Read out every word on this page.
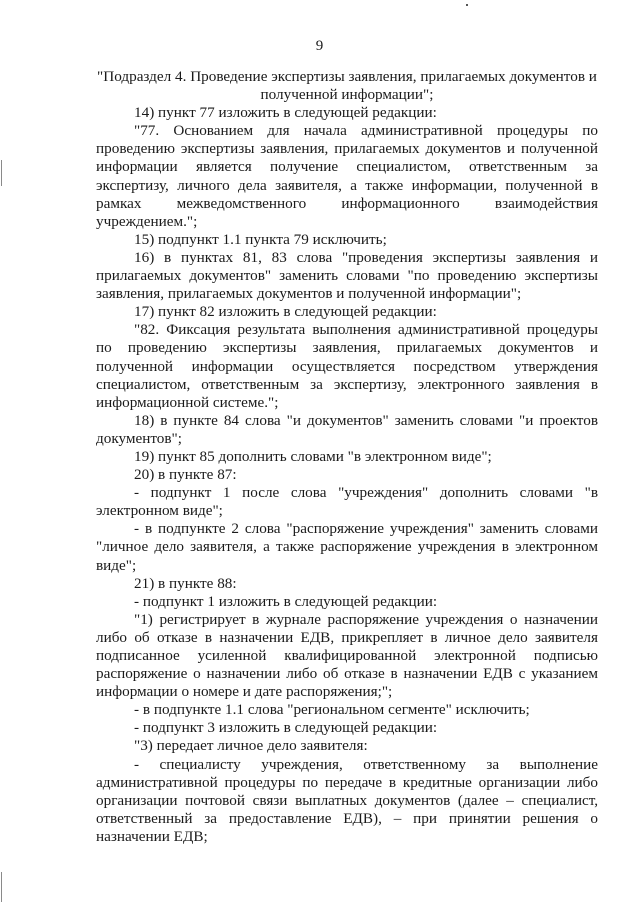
9

"Подраздел 4. Проведение экспертизы заявления, прилагаемых документов и полученной информации";

14) пункт 77 изложить в следующей редакции:

"77. Основанием для начала административной процедуры по проведению экспертизы заявления, прилагаемых документов и полученной информации является получение специалистом, ответственным за экспертизу, личного дела заявителя, а также информации, полученной в рамках межведомственного информационного взаимодействия учреждением.";

15) подпункт 1.1 пункта 79 исключить;

16) в пунктах 81, 83 слова "проведения экспертизы заявления и прилагаемых документов" заменить словами "по проведению экспертизы заявления, прилагаемых документов и полученной информации";

17) пункт 82 изложить в следующей редакции:

"82. Фиксация результата выполнения административной процедуры по проведению экспертизы заявления, прилагаемых документов и полученной информации осуществляется посредством утверждения специалистом, ответственным за экспертизу, электронного заявления в информационной системе.";

18) в пункте 84 слова "и документов" заменить словами "и проектов документов";

19) пункт 85 дополнить словами "в электронном виде";

20) в пункте 87:

- подпункт 1 после слова "учреждения" дополнить словами "в электронном виде";

- в подпункте 2 слова "распоряжение учреждения" заменить словами "личное дело заявителя, а также распоряжение учреждения в электронном виде";

21) в пункте 88:

- подпункт 1 изложить в следующей редакции:

"1) регистрирует в журнале распоряжение учреждения о назначении либо об отказе в назначении ЕДВ, прикрепляет в личное дело заявителя подписанное усиленной квалифицированной электронной подписью распоряжение о назначении либо об отказе в назначении ЕДВ с указанием информации о номере и дате распоряжения;";

- в подпункте 1.1 слова "региональном сегменте" исключить;

- подпункт 3 изложить в следующей редакции:

"3) передает личное дело заявителя:

- специалисту учреждения, ответственному за выполнение административной процедуры по передаче в кредитные организации либо организации почтовой связи выплатных документов (далее – специалист, ответственный за предоставление ЕДВ), – при принятии решения о назначении ЕДВ;
